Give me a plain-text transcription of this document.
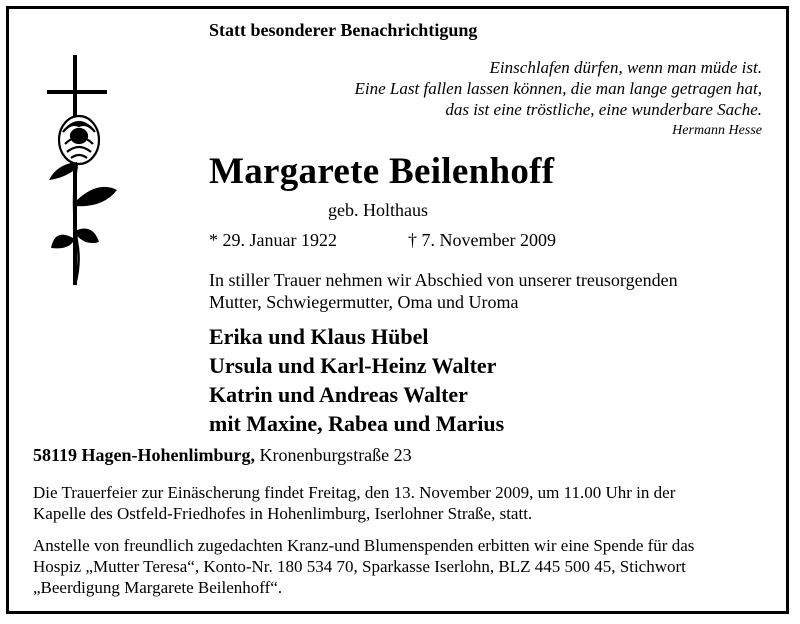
Statt besonderer Benachrichtigung
Einschlafen dürfen, wenn man müde ist.
Eine Last fallen lassen können, die man lange getragen hat,
das ist eine tröstliche, eine wunderbare Sache.
Hermann Hesse
Margarete Beilenhoff
geb. Holthaus
* 29. Januar 1922	† 7. November 2009
In stiller Trauer nehmen wir Abschied von unserer treusorgenden
Mutter, Schwiegermutter, Oma und Uroma
Erika und Klaus Hübel
Ursula und Karl-Heinz Walter
Katrin und Andreas Walter
mit Maxine, Rabea und Marius
58119 Hagen-Hohenlimburg, Kronenburgstraße 23
Die Trauerfeier zur Einäscherung findet Freitag, den 13. November 2009, um 11.00 Uhr in der
Kapelle des Ostfeld-Friedhofes in Hohenlimburg, Iserlohner Straße, statt.
Anstelle von freundlich zugedachten Kranz-und Blumenspenden erbitten wir eine Spende für das
Hospiz „Mutter Teresa“, Konto-Nr. 180 534 70, Sparkasse Iserlohn, BLZ 445 500 45, Stichwort
„Beerdigung Margarete Beilenhoff“.
